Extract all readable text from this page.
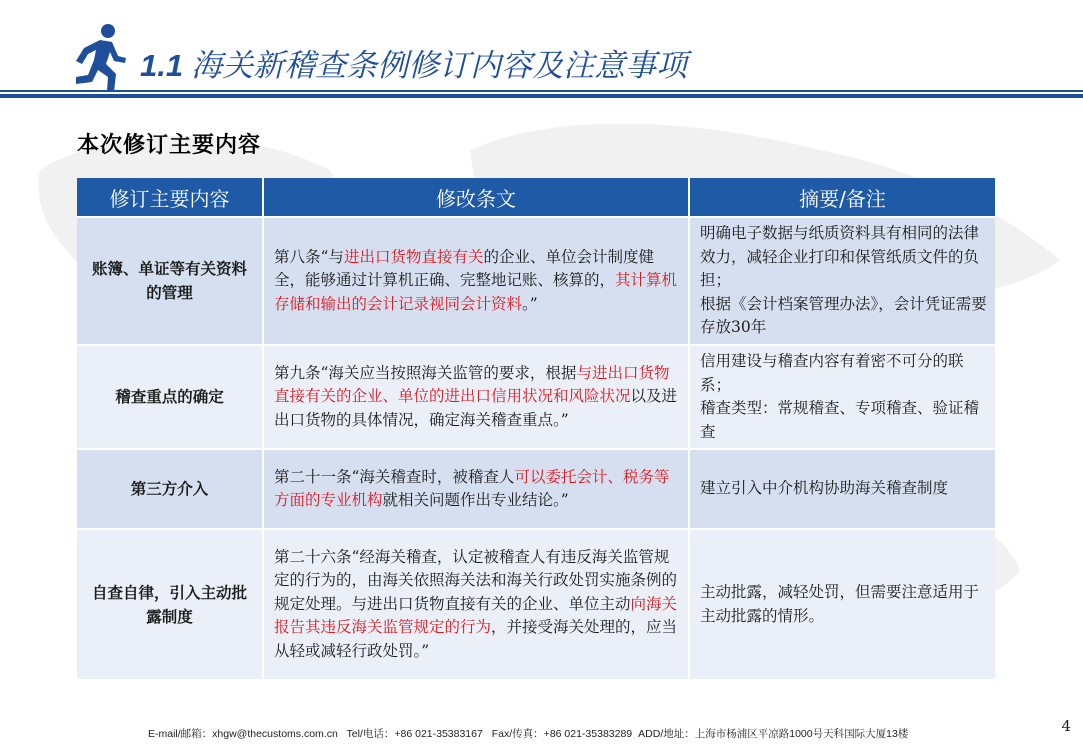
1.1 海关新稽查条例修订内容及注意事项
本次修订主要内容
修订主要内容	修改条文	摘要/备注
账簿、单证等有关资料的管理	第八条“与进出口货物直接有关的企业、单位会计制度健全，能够通过计算机正确、完整地记账、核算的，其计算机存储和输出的会计记录视同会计资料。”	明确电子数据与纸质资料具有相同的法律效力，减轻企业打印和保管纸质文件的负担；
根据《会计档案管理办法》，会计凭证需要存放30年
稽查重点的确定	第九条“海关应当按照海关监管的要求，根据与进出口货物直接有关的企业、单位的进出口信用状况和风险状况以及进出口货物的具体情况，确定海关稽查重点。”	信用建设与稽查内容有着密不可分的联系；
稽查类型：常规稽查、专项稽查、验证稽查
第三方介入	第二十一条“海关稽查时，被稽查人可以委托会计、税务等方面的专业机构就相关问题作出专业结论。”	建立引入中介机构协助海关稽查制度
自查自律，引入主动批露制度	第二十六条“经海关稽查，认定被稽查人有违反海关监管规定的行为的，由海关依照海关法和海关行政处罚实施条例的规定处理。与进出口货物直接有关的企业、单位主动向海关报告其违反海关监管规定的行为，并接受海关处理的，应当从轻或减轻行政处罚。”	主动批露，减轻处罚，但需要注意适用于主动批露的情形。
E-mail/邮箱：xhgw@thecustoms.com.cn Tel/电话：+86 021-35383167 Fax/传真：+86 021-35383289 ADD/地址：上海市杨浦区平凉路1000号天科国际大厦13楼	4
